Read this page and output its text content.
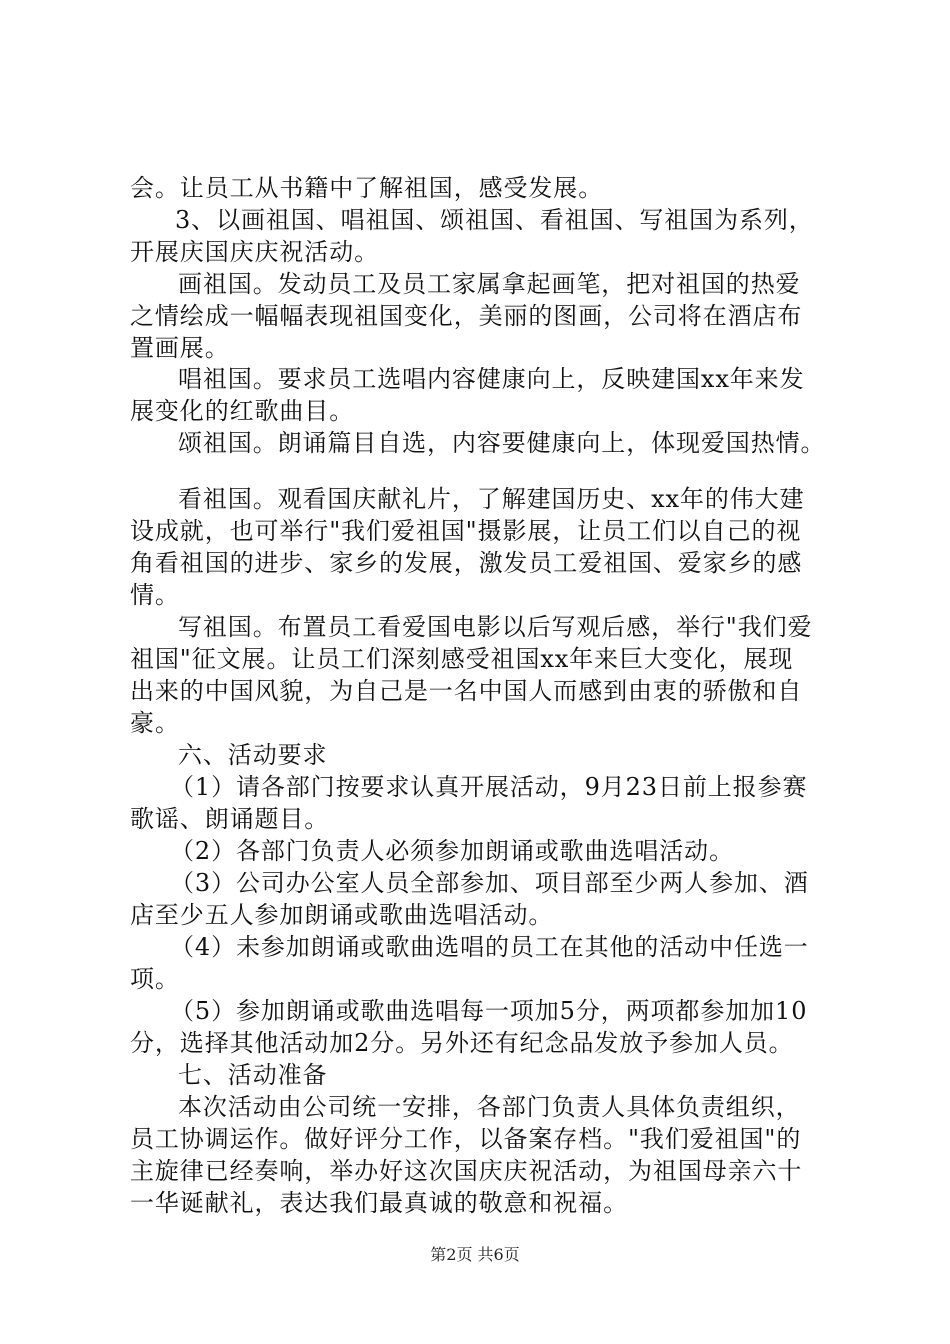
会。让员工从书籍中了解祖国，感受发展。
3、以画祖国、唱祖国、颂祖国、看祖国、写祖国为系列，
开展庆国庆庆祝活动。
画祖国。发动员工及员工家属拿起画笔，把对祖国的热爱
之情绘成一幅幅表现祖国变化，美丽的图画，公司将在酒店布
置画展。
唱祖国。要求员工选唱内容健康向上，反映建国xx年来发
展变化的红歌曲目。
颂祖国。朗诵篇目自选，内容要健康向上，体现爱国热情。
看祖国。观看国庆献礼片，了解建国历史、xx年的伟大建
设成就，也可举行"我们爱祖国"摄影展，让员工们以自己的视
角看祖国的进步、家乡的发展，激发员工爱祖国、爱家乡的感
情。
写祖国。布置员工看爱国电影以后写观后感，举行"我们爱
祖国"征文展。让员工们深刻感受祖国xx年来巨大变化，展现
出来的中国风貌，为自己是一名中国人而感到由衷的骄傲和自
豪。
六、活动要求
（1）请各部门按要求认真开展活动，9月23日前上报参赛
歌谣、朗诵题目。
（2）各部门负责人必须参加朗诵或歌曲选唱活动。
（3）公司办公室人员全部参加、项目部至少两人参加、酒
店至少五人参加朗诵或歌曲选唱活动。
（4）未参加朗诵或歌曲选唱的员工在其他的活动中任选一
项。
（5）参加朗诵或歌曲选唱每一项加5分，两项都参加加10
分，选择其他活动加2分。另外还有纪念品发放予参加人员。
七、活动准备
本次活动由公司统一安排，各部门负责人具体负责组织，
员工协调运作。做好评分工作，以备案存档。"我们爱祖国"的
主旋律已经奏响，举办好这次国庆庆祝活动，为祖国母亲六十
一华诞献礼，表达我们最真诚的敬意和祝福。
第2页 共6页
